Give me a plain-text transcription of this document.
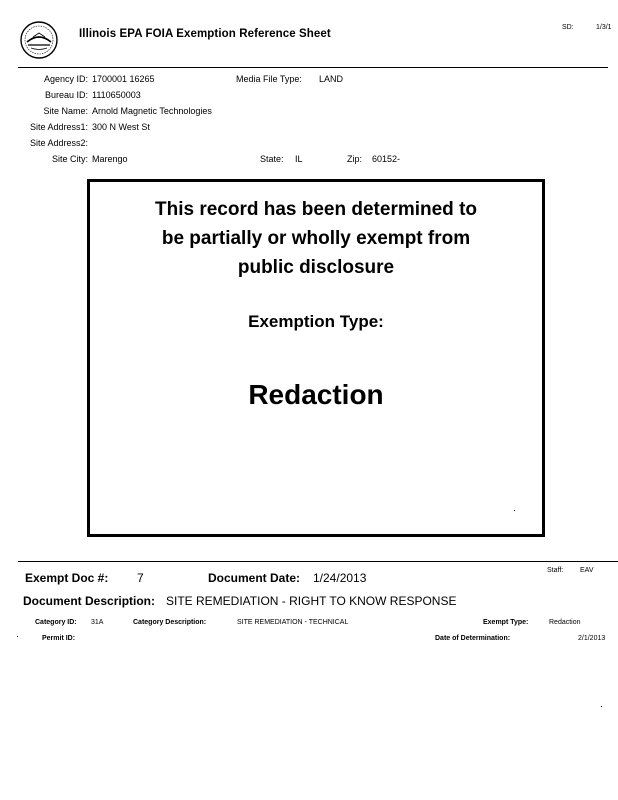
Illinois EPA FOIA Exemption Reference Sheet
SD:	1/3/1
Agency ID: 1700001 16265	Media File Type: LAND
Bureau ID: 1110650003
Site Name: Arnold Magnetic Technologies
Site Address1: 300 N West St
Site Address2:
Site City: Marengo	State: IL	Zip: 60152-
This record has been determined to
be partially or wholly exempt from
public disclosure
Exemption Type:
Redaction
Exempt Doc #: 7	Document Date: 1/24/2013
Staff: EAV
Document Description: SITE REMEDIATION - RIGHT TO KNOW RESPONSE
Category ID: 31A	Category Description:	SITE REMEDIATION - TECHNICAL	Exempt Type:	Redaction
Permit ID:	Date of Determination:	2/1/2013
